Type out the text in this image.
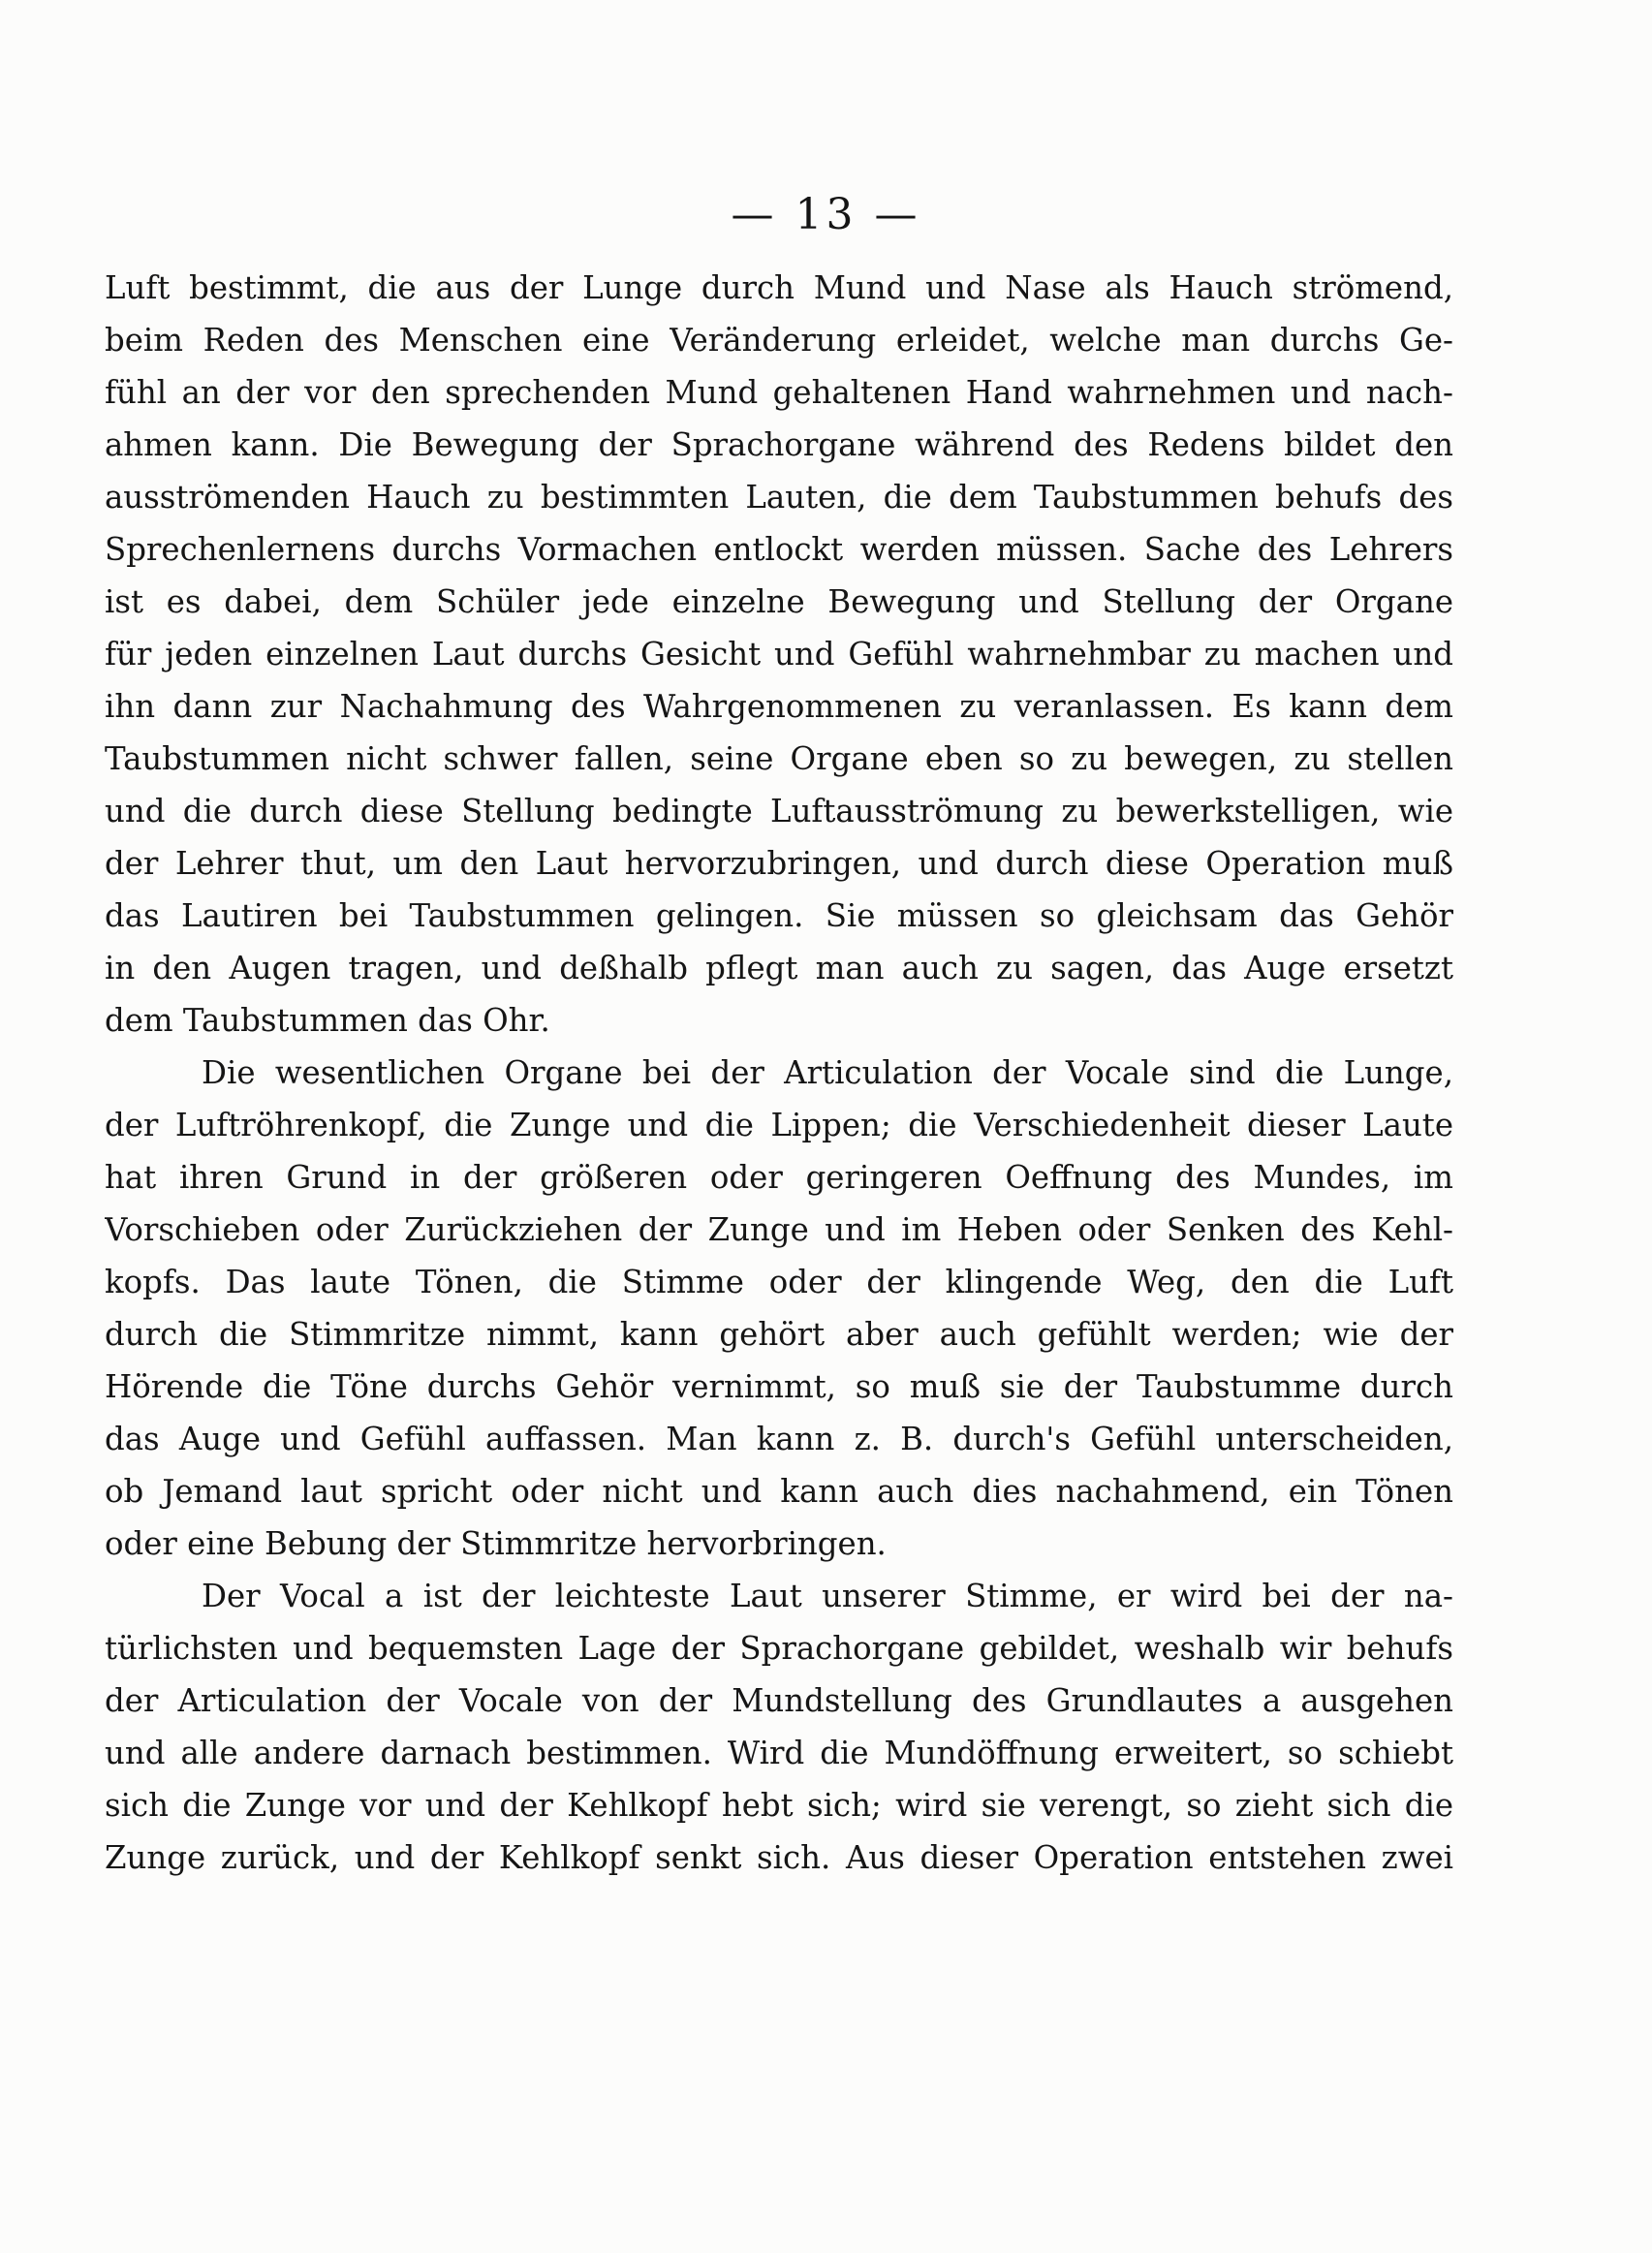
— 13 —
Luft bestimmt, die aus der Lunge durch Mund und Nase als Hauch strömend,
beim Reden des Menschen eine Veränderung erleidet, welche man durchs Ge-
fühl an der vor den sprechenden Mund gehaltenen Hand wahrnehmen und nach-
ahmen kann. Die Bewegung der Sprachorgane während des Redens bildet den
ausströmenden Hauch zu bestimmten Lauten, die dem Taubstummen behufs des
Sprechenlernens durchs Vormachen entlockt werden müssen. Sache des Lehrers
ist es dabei, dem Schüler jede einzelne Bewegung und Stellung der Organe
für jeden einzelnen Laut durchs Gesicht und Gefühl wahrnehmbar zu machen und
ihn dann zur Nachahmung des Wahrgenommenen zu veranlassen. Es kann dem
Taubstummen nicht schwer fallen, seine Organe eben so zu bewegen, zu stellen
und die durch diese Stellung bedingte Luftausströmung zu bewerkstelligen, wie
der Lehrer thut, um den Laut hervorzubringen, und durch diese Operation muß
das Lautiren bei Taubstummen gelingen. Sie müssen so gleichsam das Gehör
in den Augen tragen, und deßhalb pflegt man auch zu sagen, das Auge ersetzt
dem Taubstummen das Ohr.
Die wesentlichen Organe bei der Articulation der Vocale sind die Lunge,
der Luftröhrenkopf, die Zunge und die Lippen; die Verschiedenheit dieser Laute
hat ihren Grund in der größeren oder geringeren Oeffnung des Mundes, im
Vorschieben oder Zurückziehen der Zunge und im Heben oder Senken des Kehl-
kopfs. Das laute Tönen, die Stimme oder der klingende Weg, den die Luft
durch die Stimmritze nimmt, kann gehört aber auch gefühlt werden; wie der
Hörende die Töne durchs Gehör vernimmt, so muß sie der Taubstumme durch
das Auge und Gefühl auffassen. Man kann z. B. durch's Gefühl unterscheiden,
ob Jemand laut spricht oder nicht und kann auch dies nachahmend, ein Tönen
oder eine Bebung der Stimmritze hervorbringen.
Der Vocal a ist der leichteste Laut unserer Stimme, er wird bei der na-
türlichsten und bequemsten Lage der Sprachorgane gebildet, weshalb wir behufs
der Articulation der Vocale von der Mundstellung des Grundlautes a ausgehen
und alle andere darnach bestimmen. Wird die Mundöffnung erweitert, so schiebt
sich die Zunge vor und der Kehlkopf hebt sich; wird sie verengt, so zieht sich die
Zunge zurück, und der Kehlkopf senkt sich. Aus dieser Operation entstehen zwei
